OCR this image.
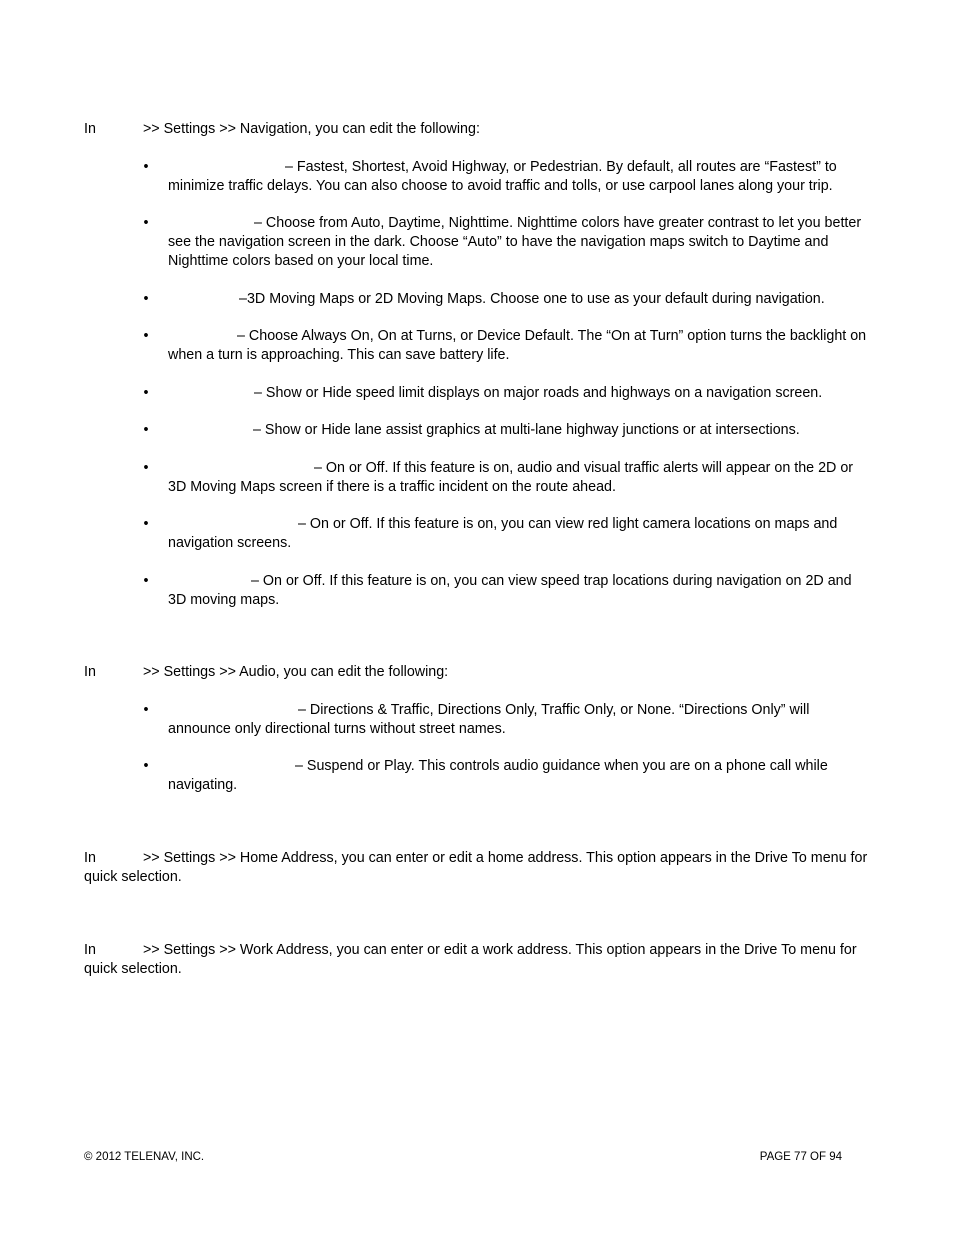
In	>> Settings >> Navigation, you can edit the following:

•	– Fastest, Shortest, Avoid Highway, or Pedestrian. By default, all routes are “Fastest” to minimize traffic delays. You can also choose to avoid traffic and tolls, or use carpool lanes along your trip.
•	– Choose from Auto, Daytime, Nighttime. Nighttime colors have greater contrast to let you better see the navigation screen in the dark. Choose “Auto” to have the navigation maps switch to Daytime and Nighttime colors based on your local time.
•	–3D Moving Maps or 2D Moving Maps. Choose one to use as your default during navigation.
•	– Choose Always On, On at Turns, or Device Default. The “On at Turn” option turns the backlight on when a turn is approaching. This can save battery life.
•	– Show or Hide speed limit displays on major roads and highways on a navigation screen.
•	– Show or Hide lane assist graphics at multi-lane highway junctions or at intersections.
•	– On or Off. If this feature is on, audio and visual traffic alerts will appear on the 2D or 3D Moving Maps screen if there is a traffic incident on the route ahead.
•	– On or Off. If this feature is on, you can view red light camera locations on maps and navigation screens.
•	– On or Off. If this feature is on, you can view speed trap locations during navigation on 2D and 3D moving maps.

In	>> Settings >> Audio, you can edit the following:

•	– Directions & Traffic, Directions Only, Traffic Only, or None. “Directions Only” will announce only directional turns without street names.
•	– Suspend or Play. This controls audio guidance when you are on a phone call while navigating.

In	>> Settings >> Home Address, you can enter or edit a home address. This option appears in the Drive To menu for quick selection.

In	>> Settings >> Work Address, you can enter or edit a work address. This option appears in the Drive To menu for quick selection.

© 2012 TELENAV, INC.	PAGE 77 OF 94
